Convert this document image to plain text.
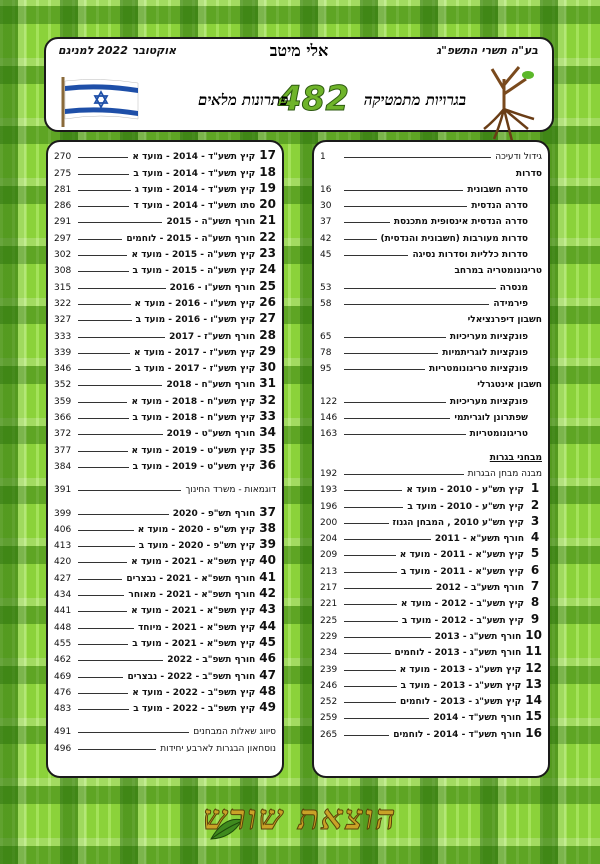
בע"ה תשרי התשפ"ג
אלי מיטב
אוקטובר 2022 למניגם
בגרויות מתמטיקה
482
פתרונות מלאים
גידול ודעיכה
1
סדרות
סדרה חשבונית
16
סדרה הנדסית
30
סדרה הנדסית אינסופית מתכנסת
37
סדרות מעורבות (חשבונית והנדסית)
42
סדרות כלליות וסדרות נסיגה
45
טריגונומטריה במרחב
מנסרה
53
פירמידה
58
חשבון דיפרנציאלי
פונקציות מעריכיות
65
פונקציות לוגריתמיות
78
פונקציות טריגונומטריות
95
חשבון אינטגרלי
פונקציות מעריכיות
122
שפתרונן לוגריתמי
146
טריגונומטריות
163
מבחני בגרות
מבנה מבחן הבגרות
192
1
קיץ תש"ע - 2010 - מועד א
193
2
קיץ תש"ע - 2010 - מועד ב
196
3
קיץ תש"ע 2010 , המבחן הגנוז
200
4
חורף תשע"א - 2011
204
5
קיץ תשע"א - 2011 - מועד א
209
6
קיץ תשע"א - 2011 - מועד ב
213
7
חורף תשע"ב - 2012
217
8
קיץ תשע"ב - 2012 - מועד א
221
9
קיץ תשע"ב - 2012 - מועד ב
225
10
חורף תשע"ג - 2013
229
11
חורף תשע"ג - 2013 - לוחמים
234
12
קיץ תשע"ג - 2013 - מועד א
239
13
קיץ תשע"ג - 2013 - מועד ב
246
14
קיץ תשע"ג - 2013 - לוחמים
252
15
חורף תשע"ד - 2014
259
16
חורף תשע"ד - 2014 - לוחמים
265
17
קיץ תשע"ד - 2014 - מועד א
270
18
קיץ תשע"ד - 2014 - מועד ב
275
19
קיץ תשע"ד - 2014 - מועד ג
281
20
סתו תשע"ד - 2014 - מועד ד
286
21
חורף תשע"ה - 2015
291
22
חורף תשע"ה - 2015 - לוחמים
297
23
קיץ תשע"ה - 2015 - מועד א
302
24
קיץ תשע"ה - 2015 - מועד ב
308
25
חורף תשע"ו - 2016
315
26
קיץ תשע"ו - 2016 - מועד א
322
27
קיץ תשע"ו - 2016 - מועד ב
327
28
חורף תשע"ז - 2017
333
29
קיץ תשע"ז - 2017 - מועד א
339
30
קיץ תשע"ז - 2017 - מועד ב
346
31
חורף תשע"ח - 2018
352
32
קיץ תשע"ח - 2018 - מועד א
359
33
קיץ תשע"ח - 2018 - מועד ב
366
34
חורף תשע"ט - 2019
372
35
קיץ תשע"ט - 2019 - מועד א
377
36
קיץ תשע"ט - 2019 - מועד ב
384
דוגמאות - משרד החינוך
391
37
חורף תש"פ - 2020
399
38
קיץ תש"פ - 2020 - מועד א
406
39
קיץ תש"פ - 2020 - מועד ב
413
40
קיץ תשפ"א - 2021 - מועד א
420
41
חורף תשפ"א - 2021 - נבצרים
427
42
חורף תשפ"א - 2021 - מאוחר
434
43
קיץ תשפ"א - 2021 - מועד א
441
44
קיץ תשפ"א - 2021 - מיוחד
448
45
קיץ תשפ"א - 2021 - מועד ב
455
46
חורף תשפ"ב - 2022
462
47
חורף תשפ"ב - 2022 - נבצרים
469
48
קיץ תשפ"ב - 2022 - מועד א
476
49
קיץ תשפ"ב - 2022 - מועד ב
483
סיווג שאלות המבחנים
491
נוסחאון הבגרות לארבע יחידות
496
הוצאת שורש
